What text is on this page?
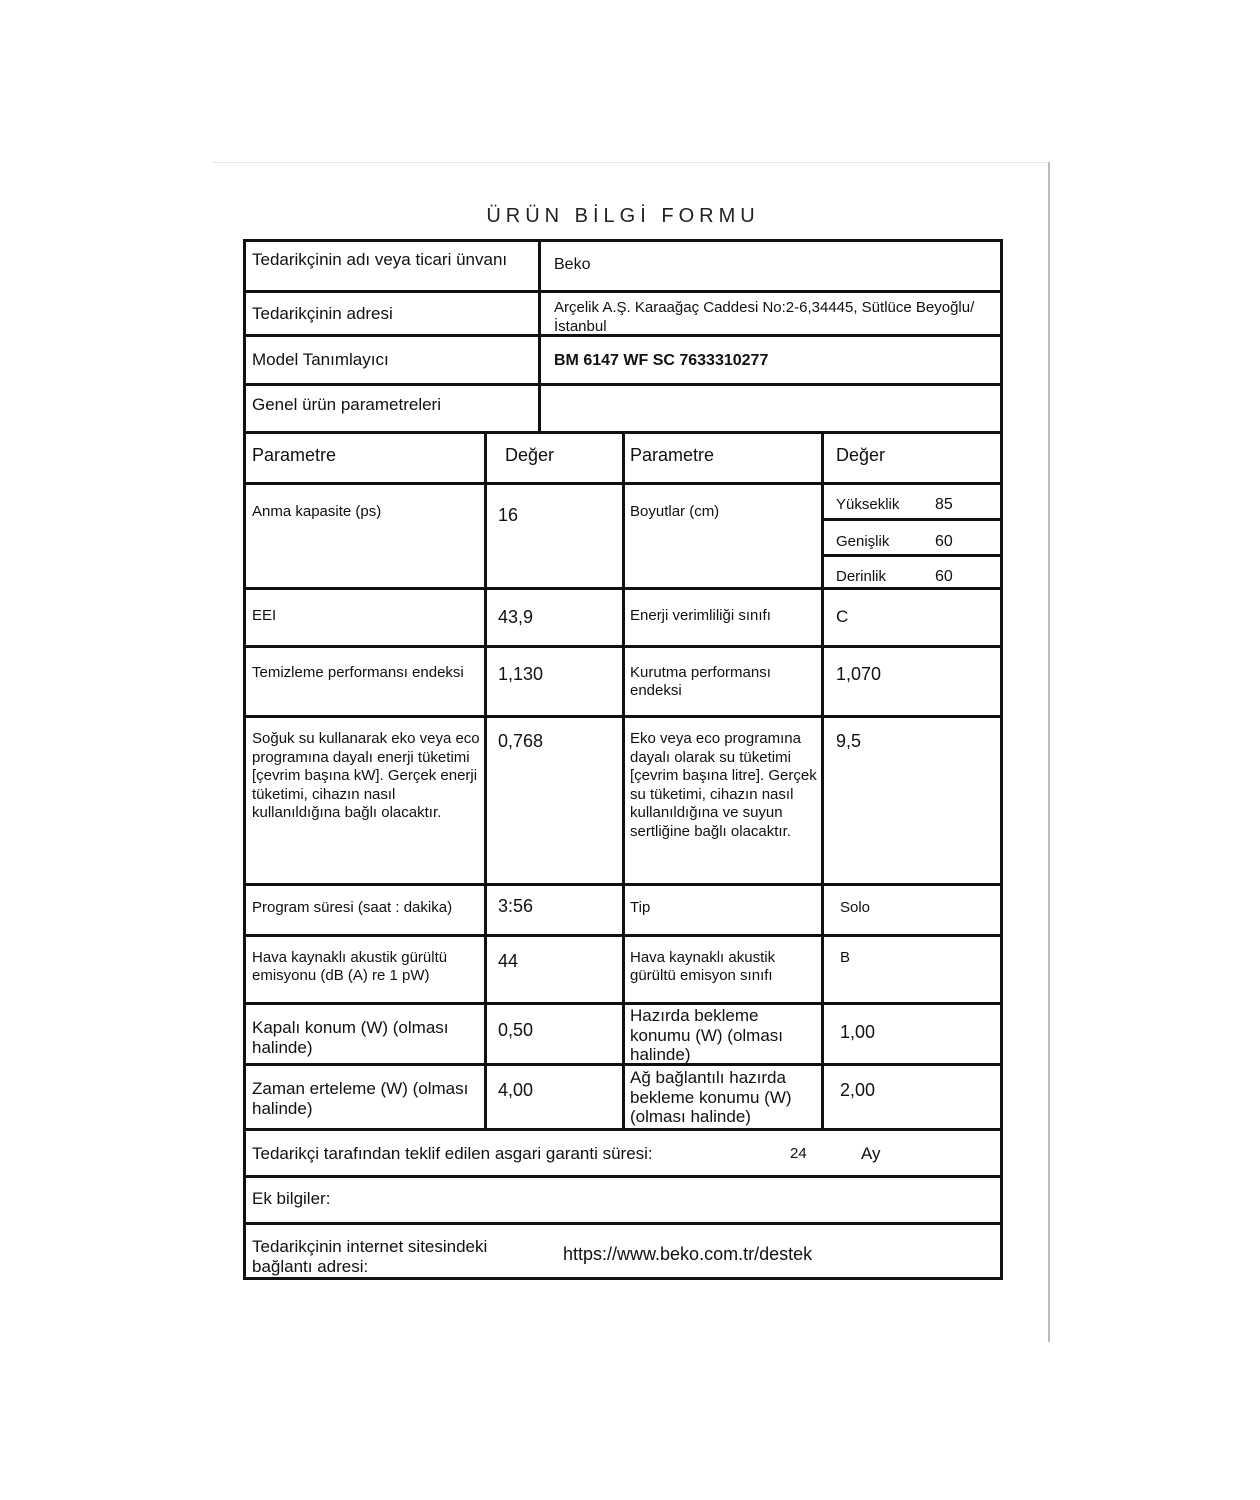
ÜRÜN BİLGİ FORMU
Tedarikçinin adı veya ticari ünvanı	Beko
Tedarikçinin adresi	Arçelik A.Ş. Karaağaç Caddesi No:2-6,34445, Sütlüce Beyoğlu/İstanbul
Model Tanımlayıcı	BM 6147 WF SC 7633310277
Genel ürün parametreleri
Parametre	Değer	Parametre	Değer
Anma kapasite (ps)	16	Boyutlar (cm)	Yükseklik	85
Genişlik	60
Derinlik	60
EEI	43,9	Enerji verimliliği sınıfı	C
Temizleme performansı endeksi	1,130	Kurutma performansı endeksi
1,070
Soğuk su kullanarak eko veya eco programına dayalı enerji tüketimi [çevrim başına kW]. Gerçek enerji tüketimi, cihazın nasıl kullanıldığına bağlı olacaktır.
0,768	Eko veya eco programına dayalı olarak su tüketimi [çevrim başına litre]. Gerçek su tüketimi, cihazın nasıl kullanıldığına ve suyun sertliğine bağlı olacaktır.
9,5
Program süresi (saat : dakika)	3:56	Tip	Solo
Hava kaynaklı akustik gürültü emisyonu (dB (A) re 1 pW)
44	Hava kaynaklı akustik gürültü emisyon sınıfı
B
Kapalı konum (W) (olması halinde)
0,50
Hazırda bekleme konumu (W) (olması halinde)
1,00
Zaman erteleme (W) (olması halinde)
4,00
Ağ bağlantılı hazırda bekleme konumu (W) (olması halinde)
2,00
Tedarikçi tarafından teklif edilen asgari garanti süresi:	24	Ay
Ek bilgiler:
Tedarikçinin internet sitesindeki bağlantı adresi:
https://www.beko.com.tr/destek
